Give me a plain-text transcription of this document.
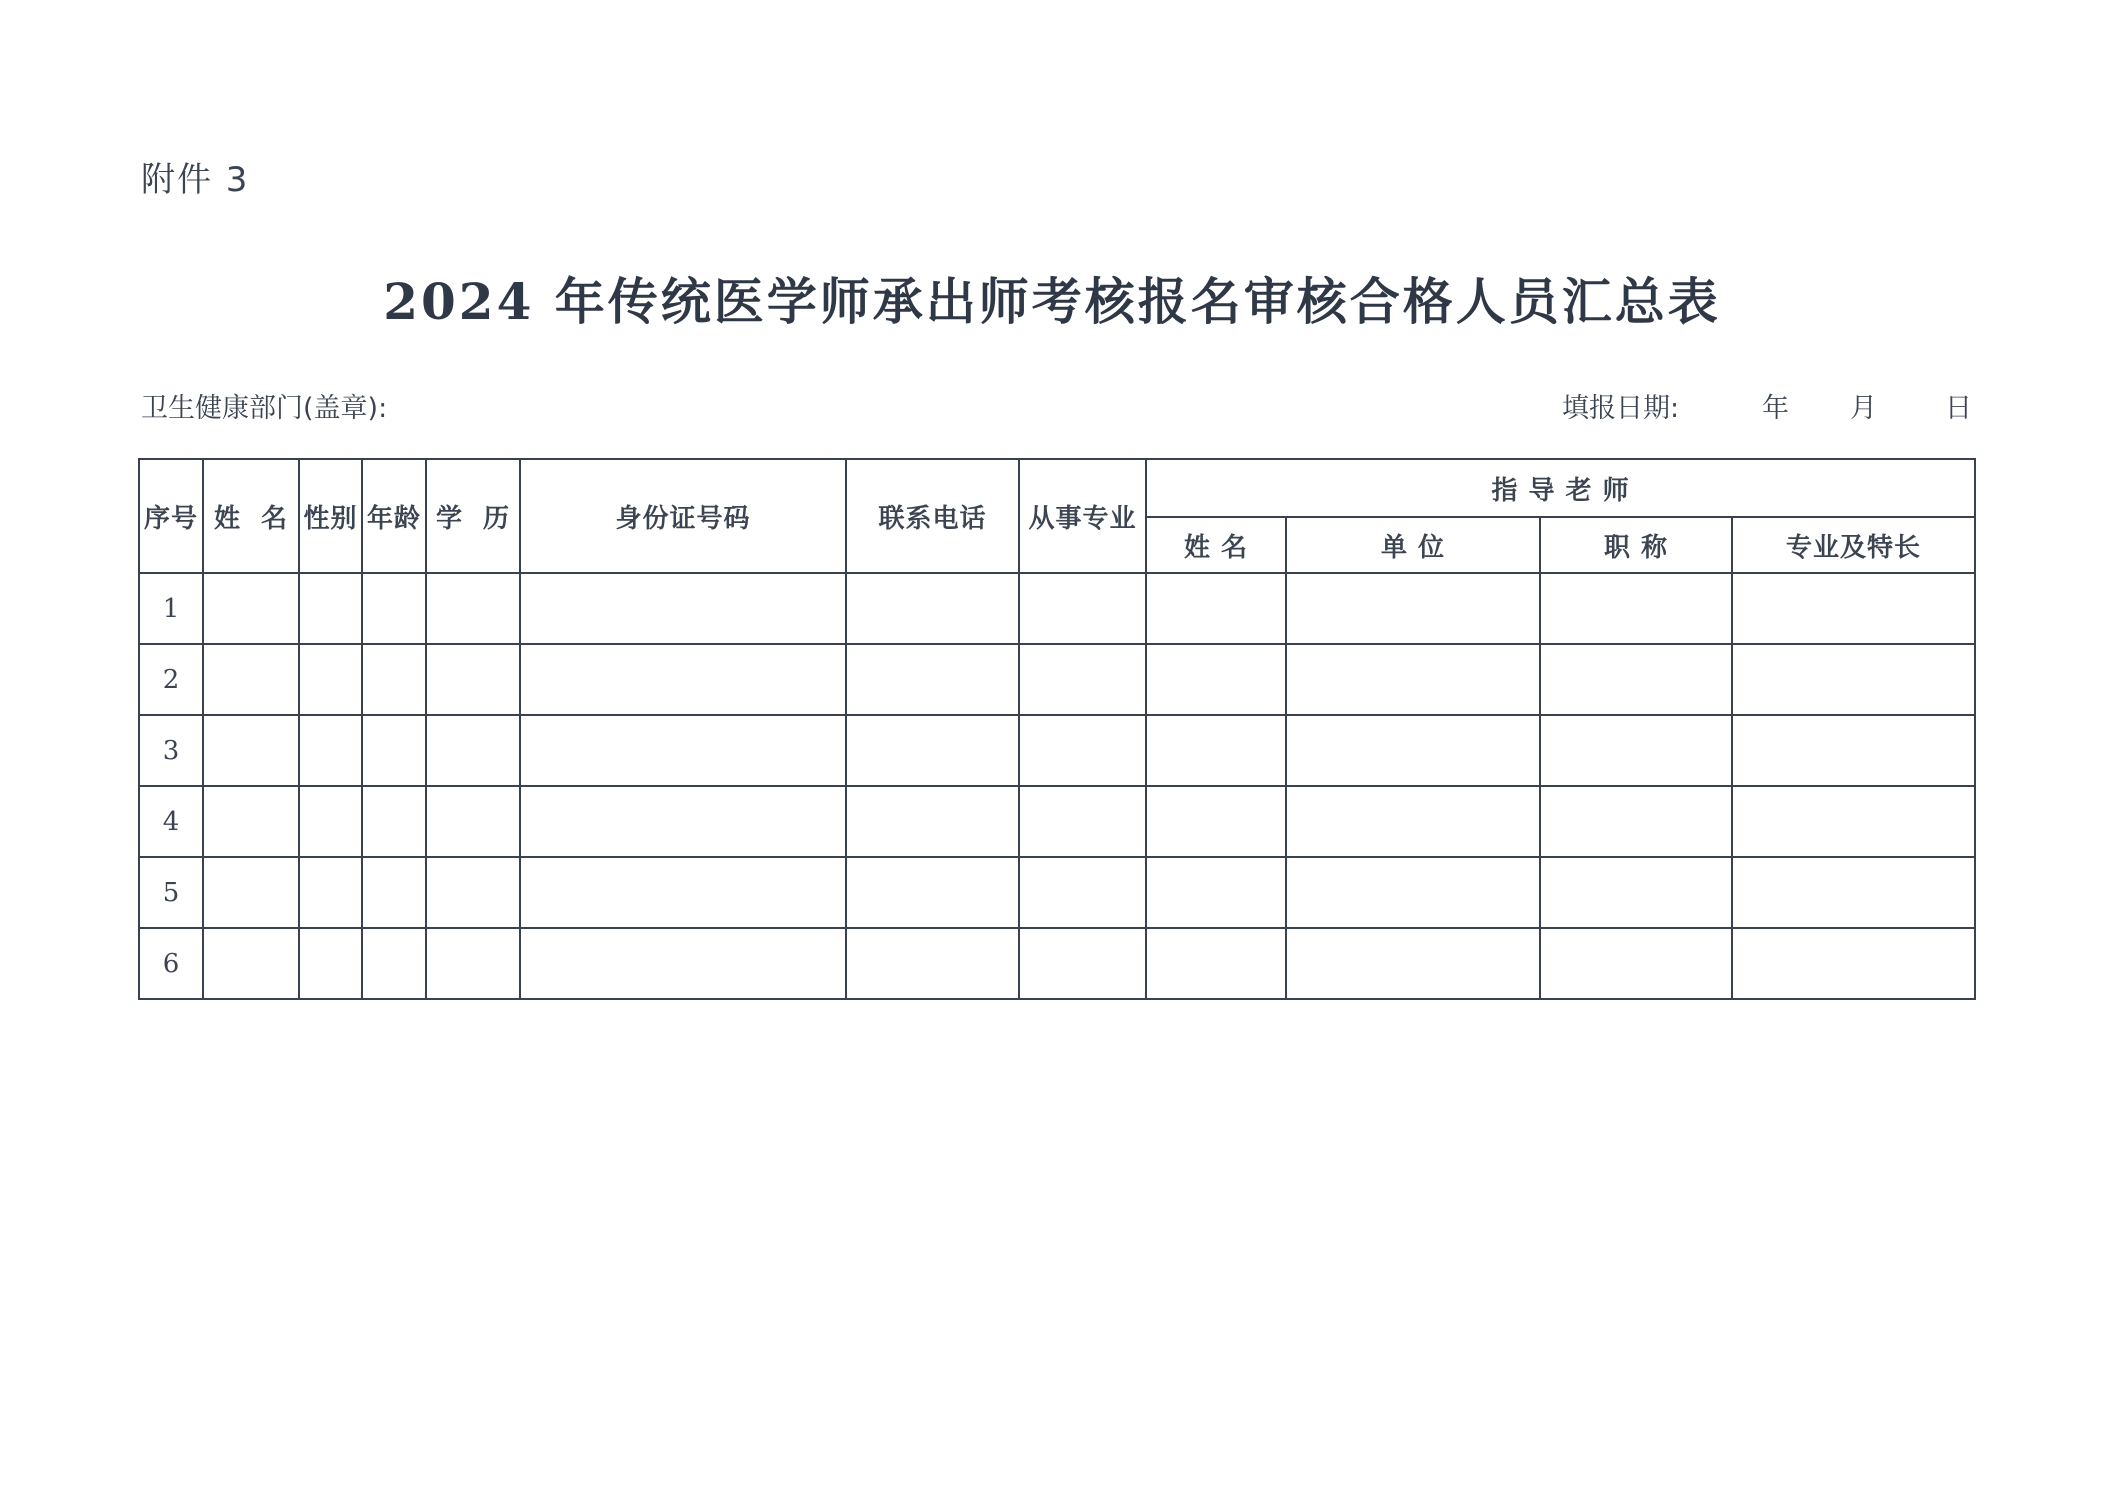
附件 3
2024 年传统医学师承出师考核报名审核合格人员汇总表
卫生健康部门(盖章):	填报日期:	年 月	日
序号	姓  名	性别	年龄	学  历	身份证号码	联系电话	从事专业	指 导 老 师			
								姓 名	单 位	职 称	专业及特长
1											
2											
3											
4											
5											
6											
